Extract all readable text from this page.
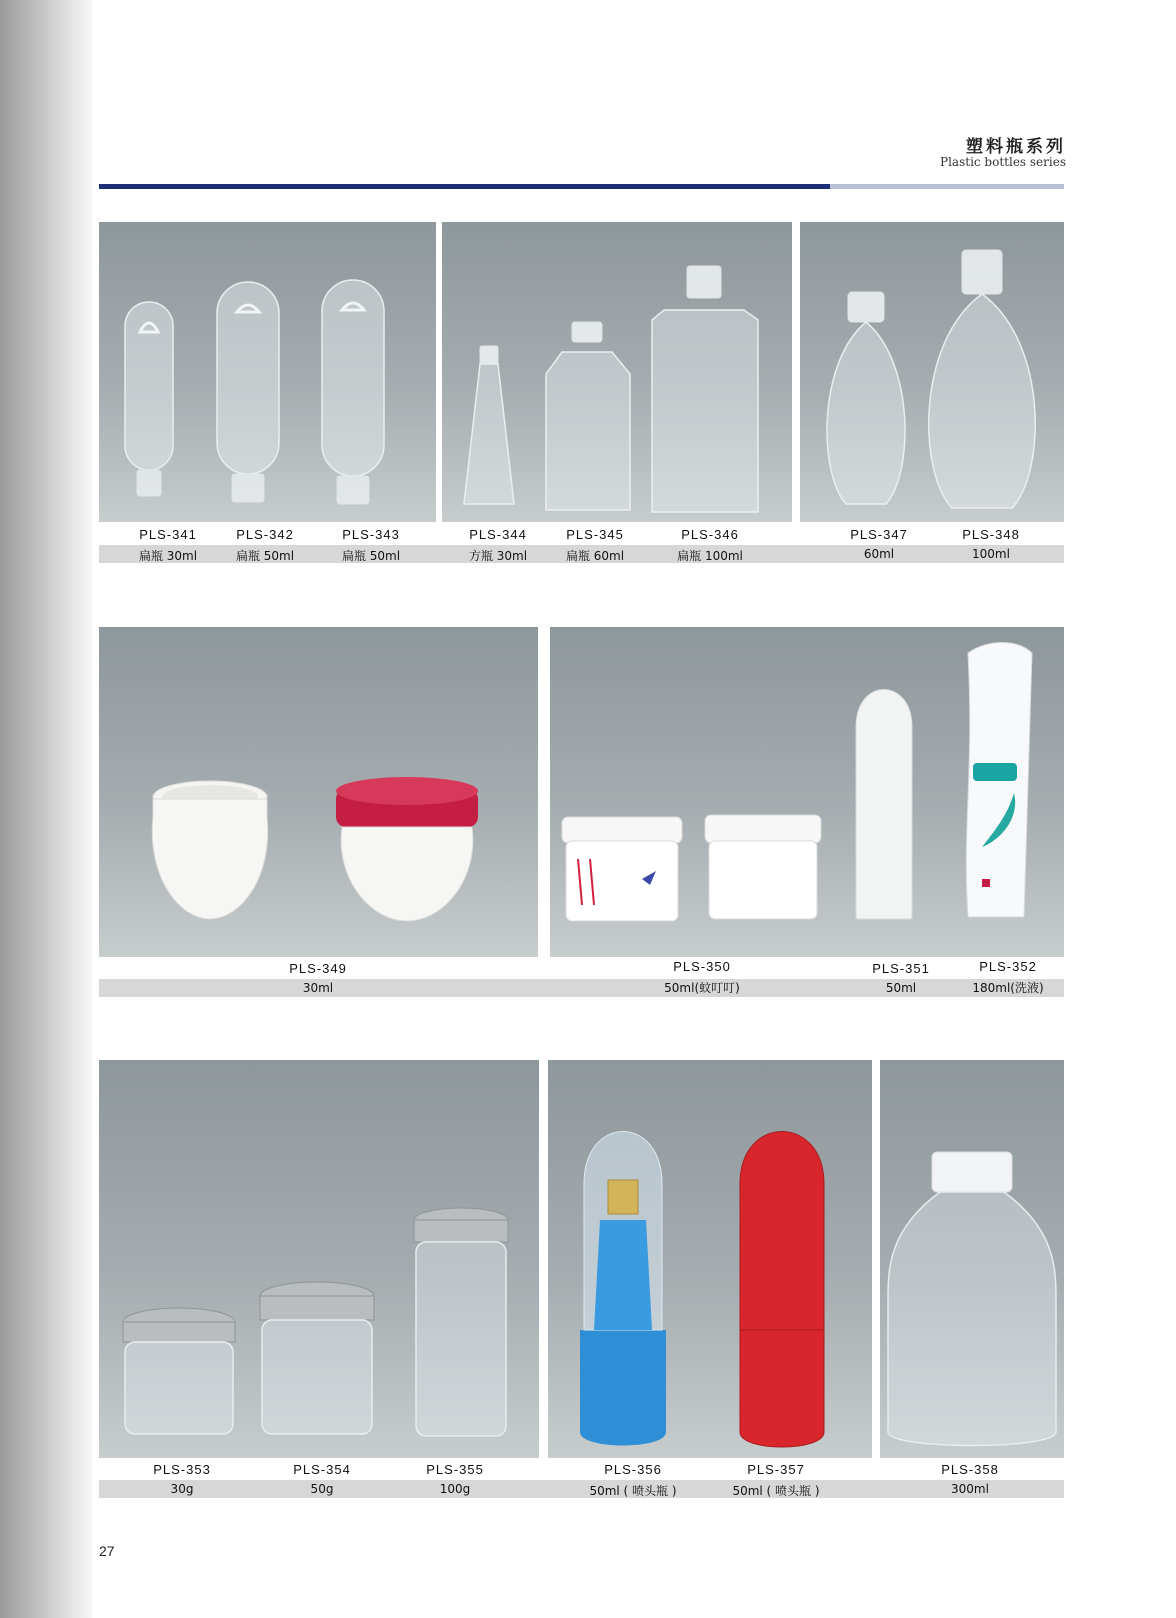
塑料瓶系列
Plastic bottles series
PLS-341	PLS-342	PLS-343	PLS-344	PLS-345	PLS-346	PLS-347	PLS-348
扁瓶 30ml	扁瓶 50ml	扁瓶 50ml	方瓶 30ml	扁瓶 60ml	扁瓶 100ml	60ml	100ml
PLS-349	PLS-350	PLS-351	PLS-352
30ml	50ml(蚊叮叮)	50ml	180ml(洗液)
PLS-353	PLS-354	PLS-355	PLS-356	PLS-357	PLS-358
30g	50g	100g	50ml ( 喷头瓶 )	50ml ( 喷头瓶 )	300ml
27
